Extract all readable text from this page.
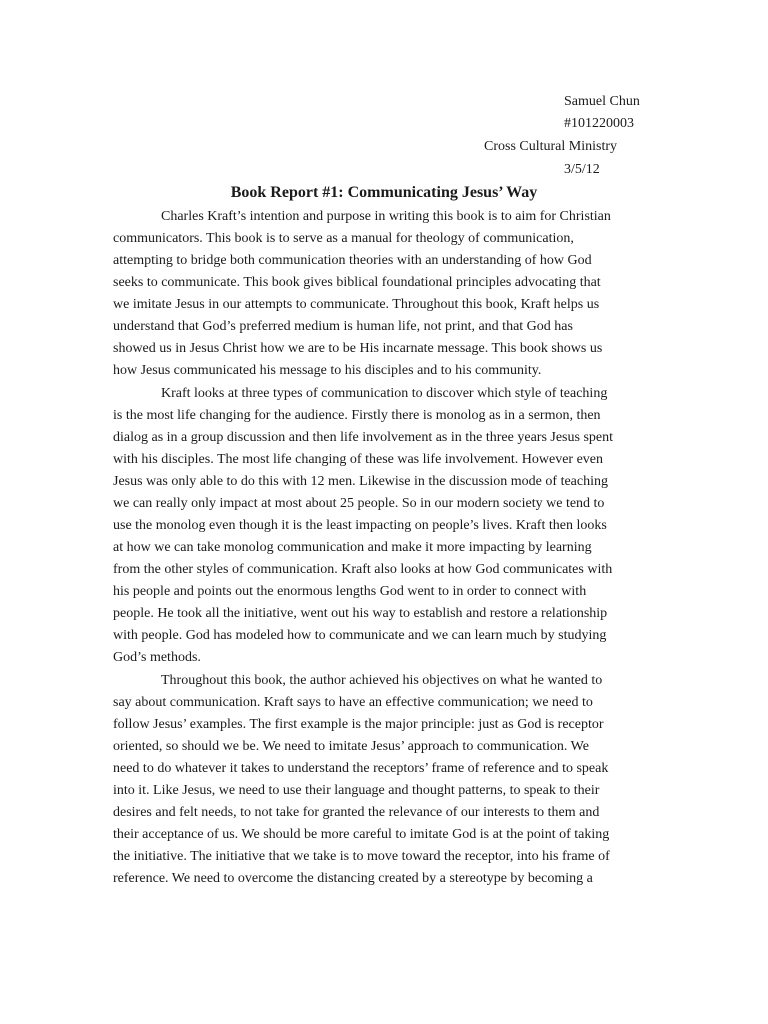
Samuel Chun
#101220003
Cross Cultural Ministry
3/5/12
Book Report #1: Communicating Jesus’ Way
Charles Kraft’s intention and purpose in writing this book is to aim for Christian
communicators. This book is to serve as a manual for theology of communication,
attempting to bridge both communication theories with an understanding of how God
seeks to communicate. This book gives biblical foundational principles advocating that
we imitate Jesus in our attempts to communicate. Throughout this book, Kraft helps us
understand that God’s preferred medium is human life, not print, and that God has
showed us in Jesus Christ how we are to be His incarnate message. This book shows us
how Jesus communicated his message to his disciples and to his community.
Kraft looks at three types of communication to discover which style of teaching
is the most life changing for the audience. Firstly there is monolog as in a sermon, then
dialog as in a group discussion and then life involvement as in the three years Jesus spent
with his disciples. The most life changing of these was life involvement. However even
Jesus was only able to do this with 12 men. Likewise in the discussion mode of teaching
we can really only impact at most about 25 people. So in our modern society we tend to
use the monolog even though it is the least impacting on people’s lives. Kraft then looks
at how we can take monolog communication and make it more impacting by learning
from the other styles of communication. Kraft also looks at how God communicates with
his people and points out the enormous lengths God went to in order to connect with
people. He took all the initiative, went out his way to establish and restore a relationship
with people. God has modeled how to communicate and we can learn much by studying
God’s methods.
Throughout this book, the author achieved his objectives on what he wanted to
say about communication. Kraft says to have an effective communication; we need to
follow Jesus’ examples. The first example is the major principle: just as God is receptor
oriented, so should we be. We need to imitate Jesus’ approach to communication. We
need to do whatever it takes to understand the receptors’ frame of reference and to speak
into it. Like Jesus, we need to use their language and thought patterns, to speak to their
desires and felt needs, to not take for granted the relevance of our interests to them and
their acceptance of us. We should be more careful to imitate God is at the point of taking
the initiative. The initiative that we take is to move toward the receptor, into his frame of
reference. We need to overcome the distancing created by a stereotype by becoming a
